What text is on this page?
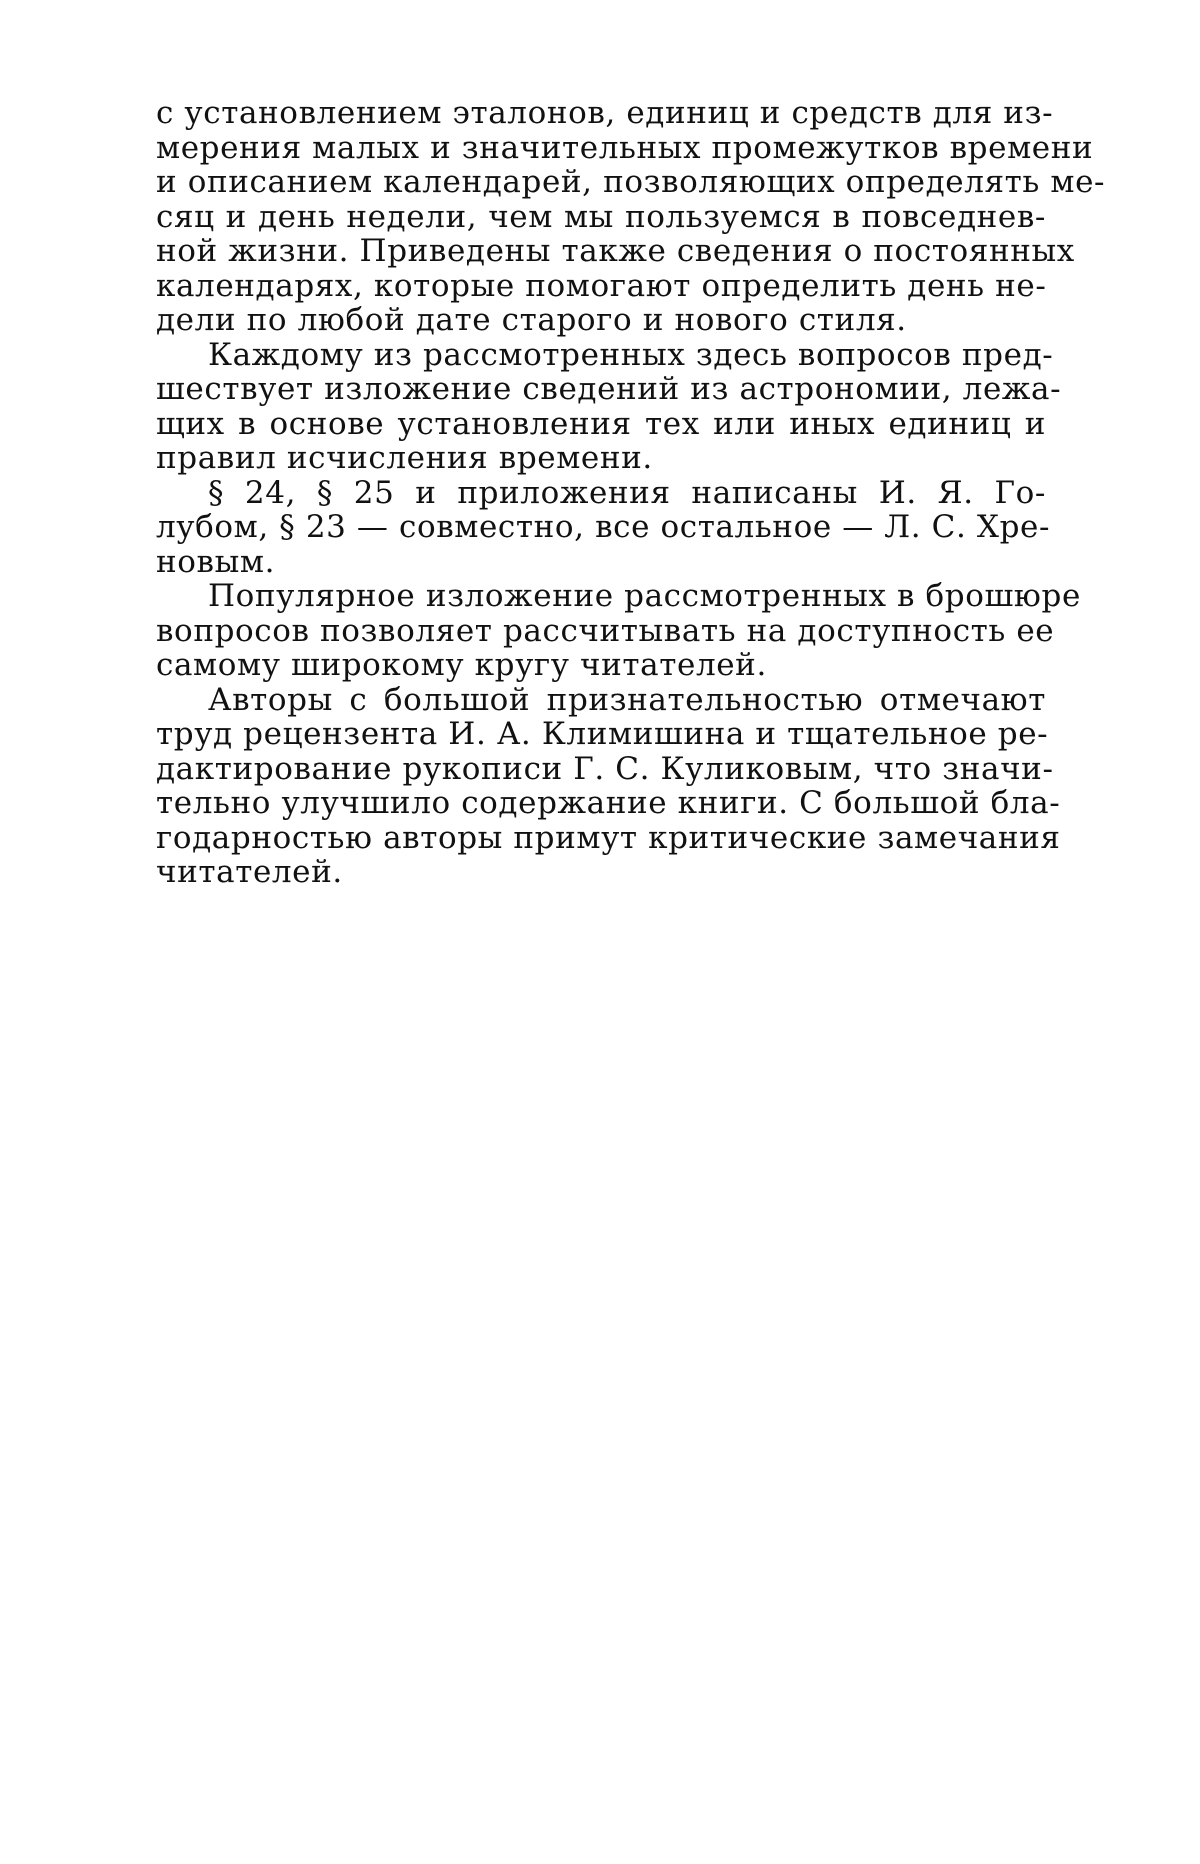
с установлением эталонов, единиц и средств для из-
мерения малых и значительных промежутков времени
и описанием календарей, позволяющих определять ме-
сяц и день недели, чем мы пользуемся в повседнев-
ной жизни. Приведены также сведения о постоянных
календарях, которые помогают определить день не-
дели по любой дате старого и нового стиля.
Каждому из рассмотренных здесь вопросов пред-
шествует изложение сведений из астрономии, лежа-
щих в основе установления тех или иных единиц и
правил исчисления времени.
§ 24, § 25 и приложения написаны И. Я. Го-
лубом, § 23 — совместно, все остальное — Л. С. Хре-
новым.
Популярное изложение рассмотренных в брошюре
вопросов позволяет рассчитывать на доступность ее
самому широкому кругу читателей.
Авторы с большой признательностью отмечают
труд рецензента И. А. Климишина и тщательное ре-
дактирование рукописи Г. С. Куликовым, что значи-
тельно улучшило содержание книги. С большой бла-
годарностью авторы примут критические замечания
читателей.
